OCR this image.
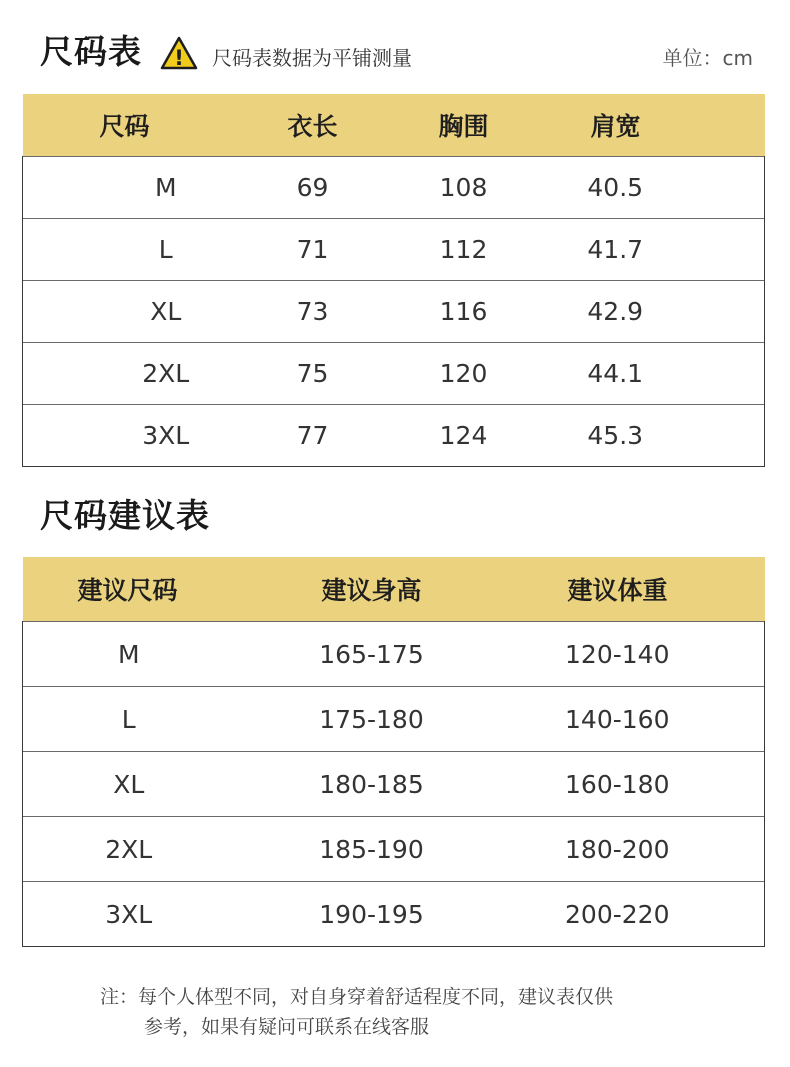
尺码表 ! 尺码表数据为平铺测量	单位：cm
尺码	衣长	胸围	肩宽
M	69	108	40.5
L	71	112	41.7
XL	73	116	42.9
2XL	75	120	44.1
3XL	77	124	45.3
尺码建议表
建议尺码	建议身高	建议体重
M	165-175	120-140
L	175-180	140-160
XL	180-185	160-180
2XL	185-190	180-200
3XL	190-195	200-220
注：每个人体型不同，对自身穿着舒适程度不同，建议表仅供
参考，如果有疑问可联系在线客服
